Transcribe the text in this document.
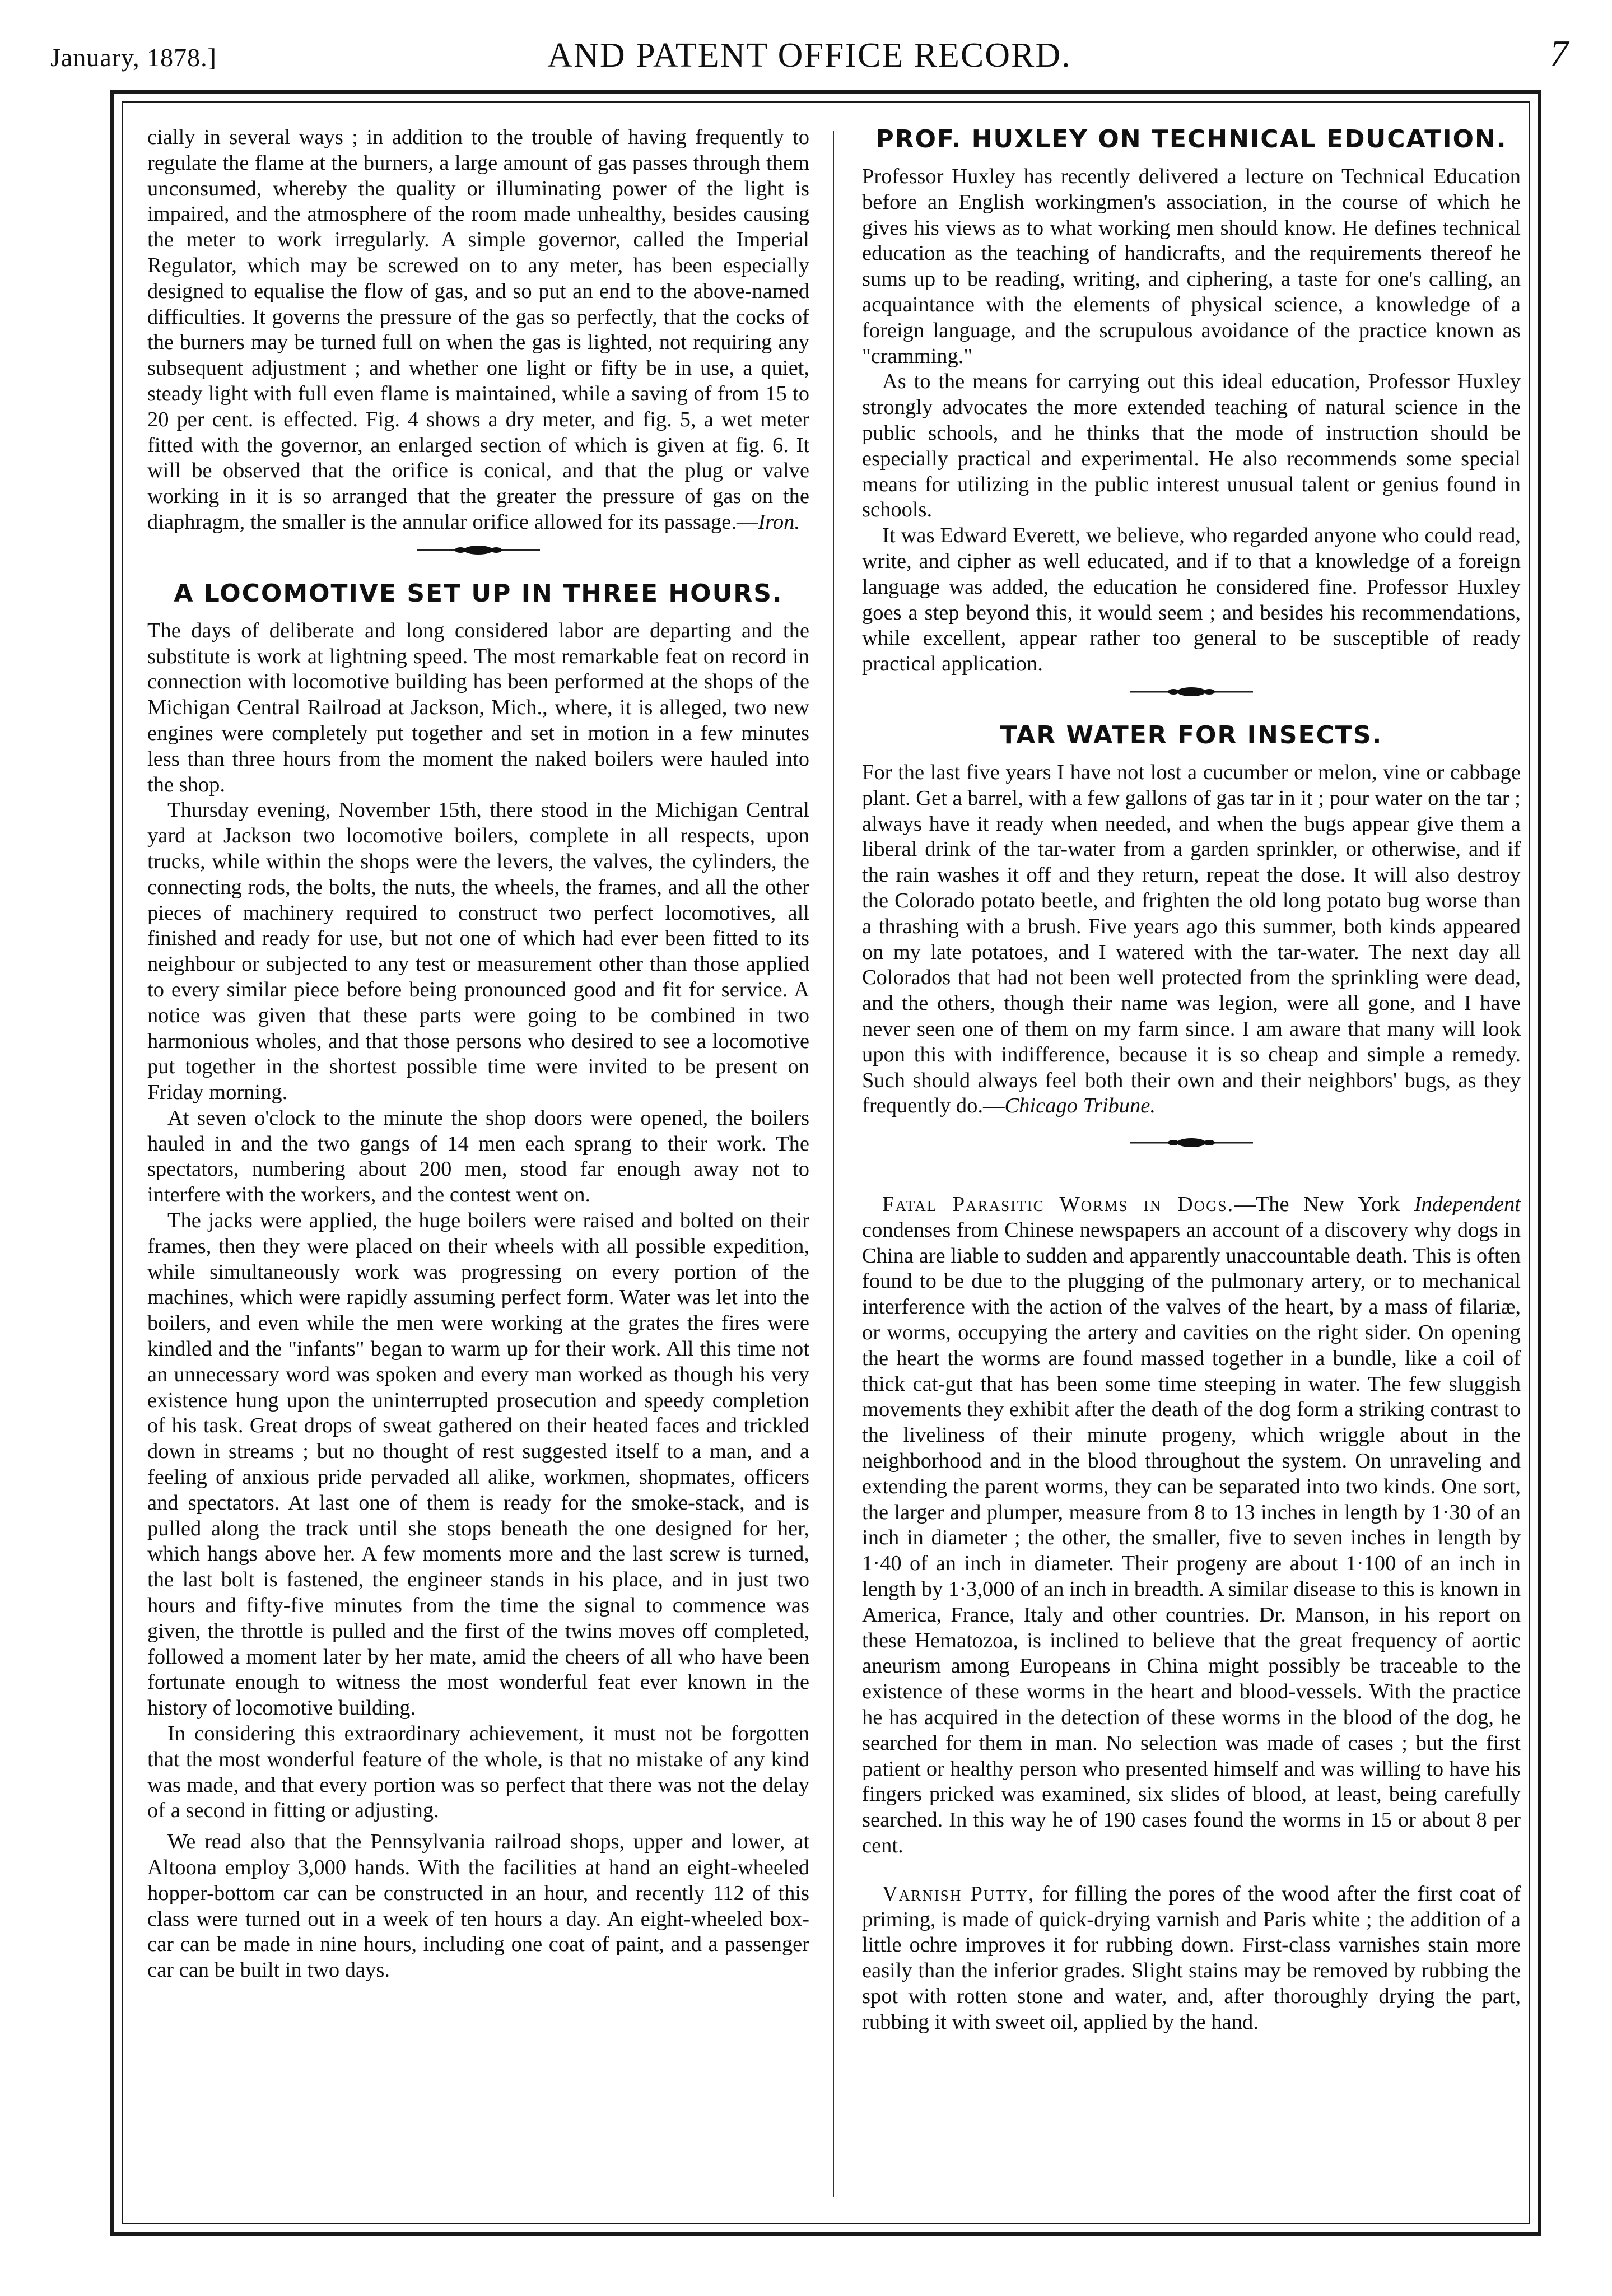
January, 1878.]	AND PATENT OFFICE RECORD.	7

cially in several ways ; in addition to the trouble of having frequently to regulate the flame at the burners, a large amount of gas passes through them unconsumed, whereby the quality or illuminating power of the light is impaired, and the atmosphere of the room made unhealthy, besides causing the meter to work irregularly. A simple governor, called the Imperial Regulator, which may be screwed on to any meter, has been especially designed to equalise the flow of gas, and so put an end to the above-named difficulties. It governs the pressure of the gas so perfectly, that the cocks of the burners may be turned full on when the gas is lighted, not requiring any subsequent adjustment ; and whether one light or fifty be in use, a quiet, steady light with full even flame is maintained, while a saving of from 15 to 20 per cent. is effected. Fig. 4 shows a dry meter, and fig. 5, a wet meter fitted with the governor, an enlarged section of which is given at fig. 6. It will be observed that the orifice is conical, and that the plug or valve working in it is so arranged that the greater the pressure of gas on the diaphragm, the smaller is the annular orifice allowed for its passage.—Iron.

A LOCOMOTIVE SET UP IN THREE HOURS.

The days of deliberate and long considered labor are departing and the substitute is work at lightning speed. The most remarkable feat on record in connection with locomotive building has been performed at the shops of the Michigan Central Railroad at Jackson, Mich., where, it is alleged, two new engines were completely put together and set in motion in a few minutes less than three hours from the moment the naked boilers were hauled into the shop.

Thursday evening, November 15th, there stood in the Michigan Central yard at Jackson two locomotive boilers, complete in all respects, upon trucks, while within the shops were the levers, the valves, the cylinders, the connecting rods, the bolts, the nuts, the wheels, the frames, and all the other pieces of machinery required to construct two perfect locomotives, all finished and ready for use, but not one of which had ever been fitted to its neighbour or subjected to any test or measurement other than those applied to every similar piece before being pronounced good and fit for service. A notice was given that these parts were going to be combined in two harmonious wholes, and that those persons who desired to see a locomotive put together in the shortest possible time were invited to be present on Friday morning.

At seven o'clock to the minute the shop doors were opened, the boilers hauled in and the two gangs of 14 men each sprang to their work. The spectators, numbering about 200 men, stood far enough away not to interfere with the workers, and the contest went on.

The jacks were applied, the huge boilers were raised and bolted on their frames, then they were placed on their wheels with all possible expedition, while simultaneously work was progressing on every portion of the machines, which were rapidly assuming perfect form. Water was let into the boilers, and even while the men were working at the grates the fires were kindled and the "infants" began to warm up for their work. All this time not an unnecessary word was spoken and every man worked as though his very existence hung upon the uninterrupted prosecution and speedy completion of his task. Great drops of sweat gathered on their heated faces and trickled down in streams ; but no thought of rest suggested itself to a man, and a feeling of anxious pride pervaded all alike, workmen, shopmates, officers and spectators. At last one of them is ready for the smoke-stack, and is pulled along the track until she stops beneath the one designed for her, which hangs above her. A few moments more and the last screw is turned, the last bolt is fastened, the engineer stands in his place, and in just two hours and fifty-five minutes from the time the signal to commence was given, the throttle is pulled and the first of the twins moves off completed, followed a moment later by her mate, amid the cheers of all who have been fortunate enough to witness the most wonderful feat ever known in the history of locomotive building.

In considering this extraordinary achievement, it must not be forgotten that the most wonderful feature of the whole, is that no mistake of any kind was made, and that every portion was so perfect that there was not the delay of a second in fitting or adjusting.

We read also that the Pennsylvania railroad shops, upper and lower, at Altoona employ 3,000 hands. With the facilities at hand an eight-wheeled hopper-bottom car can be constructed in an hour, and recently 112 of this class were turned out in a week of ten hours a day. An eight-wheeled box-car can be made in nine hours, including one coat of paint, and a passenger car can be built in two days.

PROF. HUXLEY ON TECHNICAL EDUCATION.

Professor Huxley has recently delivered a lecture on Technical Education before an English workingmen's association, in the course of which he gives his views as to what working men should know. He defines technical education as the teaching of handicrafts, and the requirements thereof he sums up to be reading, writing, and ciphering, a taste for one's calling, an acquaintance with the elements of physical science, a knowledge of a foreign language, and the scrupulous avoidance of the practice known as "cramming."

As to the means for carrying out this ideal education, Professor Huxley strongly advocates the more extended teaching of natural science in the public schools, and he thinks that the mode of instruction should be especially practical and experimental. He also recommends some special means for utilizing in the public interest unusual talent or genius found in schools.

It was Edward Everett, we believe, who regarded anyone who could read, write, and cipher as well educated, and if to that a knowledge of a foreign language was added, the education he considered fine. Professor Huxley goes a step beyond this, it would seem ; and besides his recommendations, while excellent, appear rather too general to be susceptible of ready practical application.

TAR WATER FOR INSECTS.

For the last five years I have not lost a cucumber or melon, vine or cabbage plant. Get a barrel, with a few gallons of gas tar in it ; pour water on the tar ; always have it ready when needed, and when the bugs appear give them a liberal drink of the tar-water from a garden sprinkler, or otherwise, and if the rain washes it off and they return, repeat the dose. It will also destroy the Colorado potato beetle, and frighten the old long potato bug worse than a thrashing with a brush. Five years ago this summer, both kinds appeared on my late potatoes, and I watered with the tar-water. The next day all Colorados that had not been well protected from the sprinkling were dead, and the others, though their name was legion, were all gone, and I have never seen one of them on my farm since. I am aware that many will look upon this with indifference, because it is so cheap and simple a remedy. Such should always feel both their own and their neighbors' bugs, as they frequently do.—Chicago Tribune.

Fatal Parasitic Worms in Dogs.—The New York Independent condenses from Chinese newspapers an account of a discovery why dogs in China are liable to sudden and apparently unaccountable death. This is often found to be due to the plugging of the pulmonary artery, or to mechanical interference with the action of the valves of the heart, by a mass of filariæ, or worms, occupying the artery and cavities on the right sider. On opening the heart the worms are found massed together in a bundle, like a coil of thick cat-gut that has been some time steeping in water. The few sluggish movements they exhibit after the death of the dog form a striking contrast to the liveliness of their minute progeny, which wriggle about in the neighborhood and in the blood throughout the system. On unraveling and extending the parent worms, they can be separated into two kinds. One sort, the larger and plumper, measure from 8 to 13 inches in length by 1·30 of an inch in diameter ; the other, the smaller, five to seven inches in length by 1·40 of an inch in diameter. Their progeny are about 1·100 of an inch in length by 1·3,000 of an inch in breadth. A similar disease to this is known in America, France, Italy and other countries. Dr. Manson, in his report on these Hematozoa, is inclined to believe that the great frequency of aortic aneurism among Europeans in China might possibly be traceable to the existence of these worms in the heart and blood-vessels. With the practice he has acquired in the detection of these worms in the blood of the dog, he searched for them in man. No selection was made of cases ; but the first patient or healthy person who presented himself and was willing to have his fingers pricked was examined, six slides of blood, at least, being carefully searched. In this way he of 190 cases found the worms in 15 or about 8 per cent.

Varnish Putty, for filling the pores of the wood after the first coat of priming, is made of quick-drying varnish and Paris white ; the addition of a little ochre improves it for rubbing down. First-class varnishes stain more easily than the inferior grades. Slight stains may be removed by rubbing the spot with rotten stone and water, and, after thoroughly drying the part, rubbing it with sweet oil, applied by the hand.
